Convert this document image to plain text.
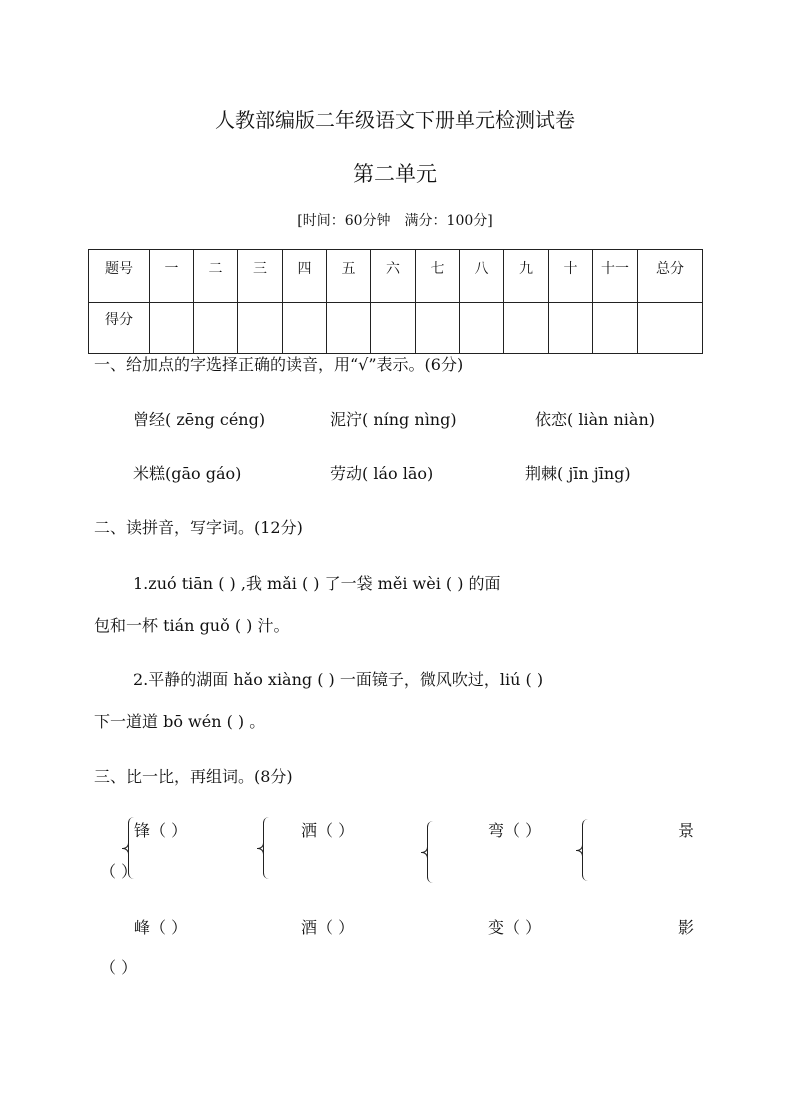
人教部编版二年级语文下册单元检测试卷
第二单元
[时间：60分钟　满分：100分]
题号	一	二	三	四	五	六	七	八	九	十	十一	总分
得分												
一、给加点的字选择正确的读音，用“√”表示。(6分)
曾经( zēng céng)	泥泞( níng nìng)	依恋( liàn niàn)
米糕(gāo gáo)	劳动( láo lāo)	荆棘( jīn jīng)
二、读拼音，写字词。(12分)
1.zuó tiān ( ) ,我 mǎi ( ) 了一袋 měi wèi ( ) 的面
包和一杯 tián guǒ ( ) 汁。
2.平静的湖面 hǎo xiàng ( ) 一面镜子，微风吹过，liú ( )
下一道道 bō wén ( ) 。
三、比一比，再组词。(8分)
锋（ ）	洒（ ）	弯（ ）	景
（ ）
峰（ ）	酒（ ）	变（ ）	影
（ ）
